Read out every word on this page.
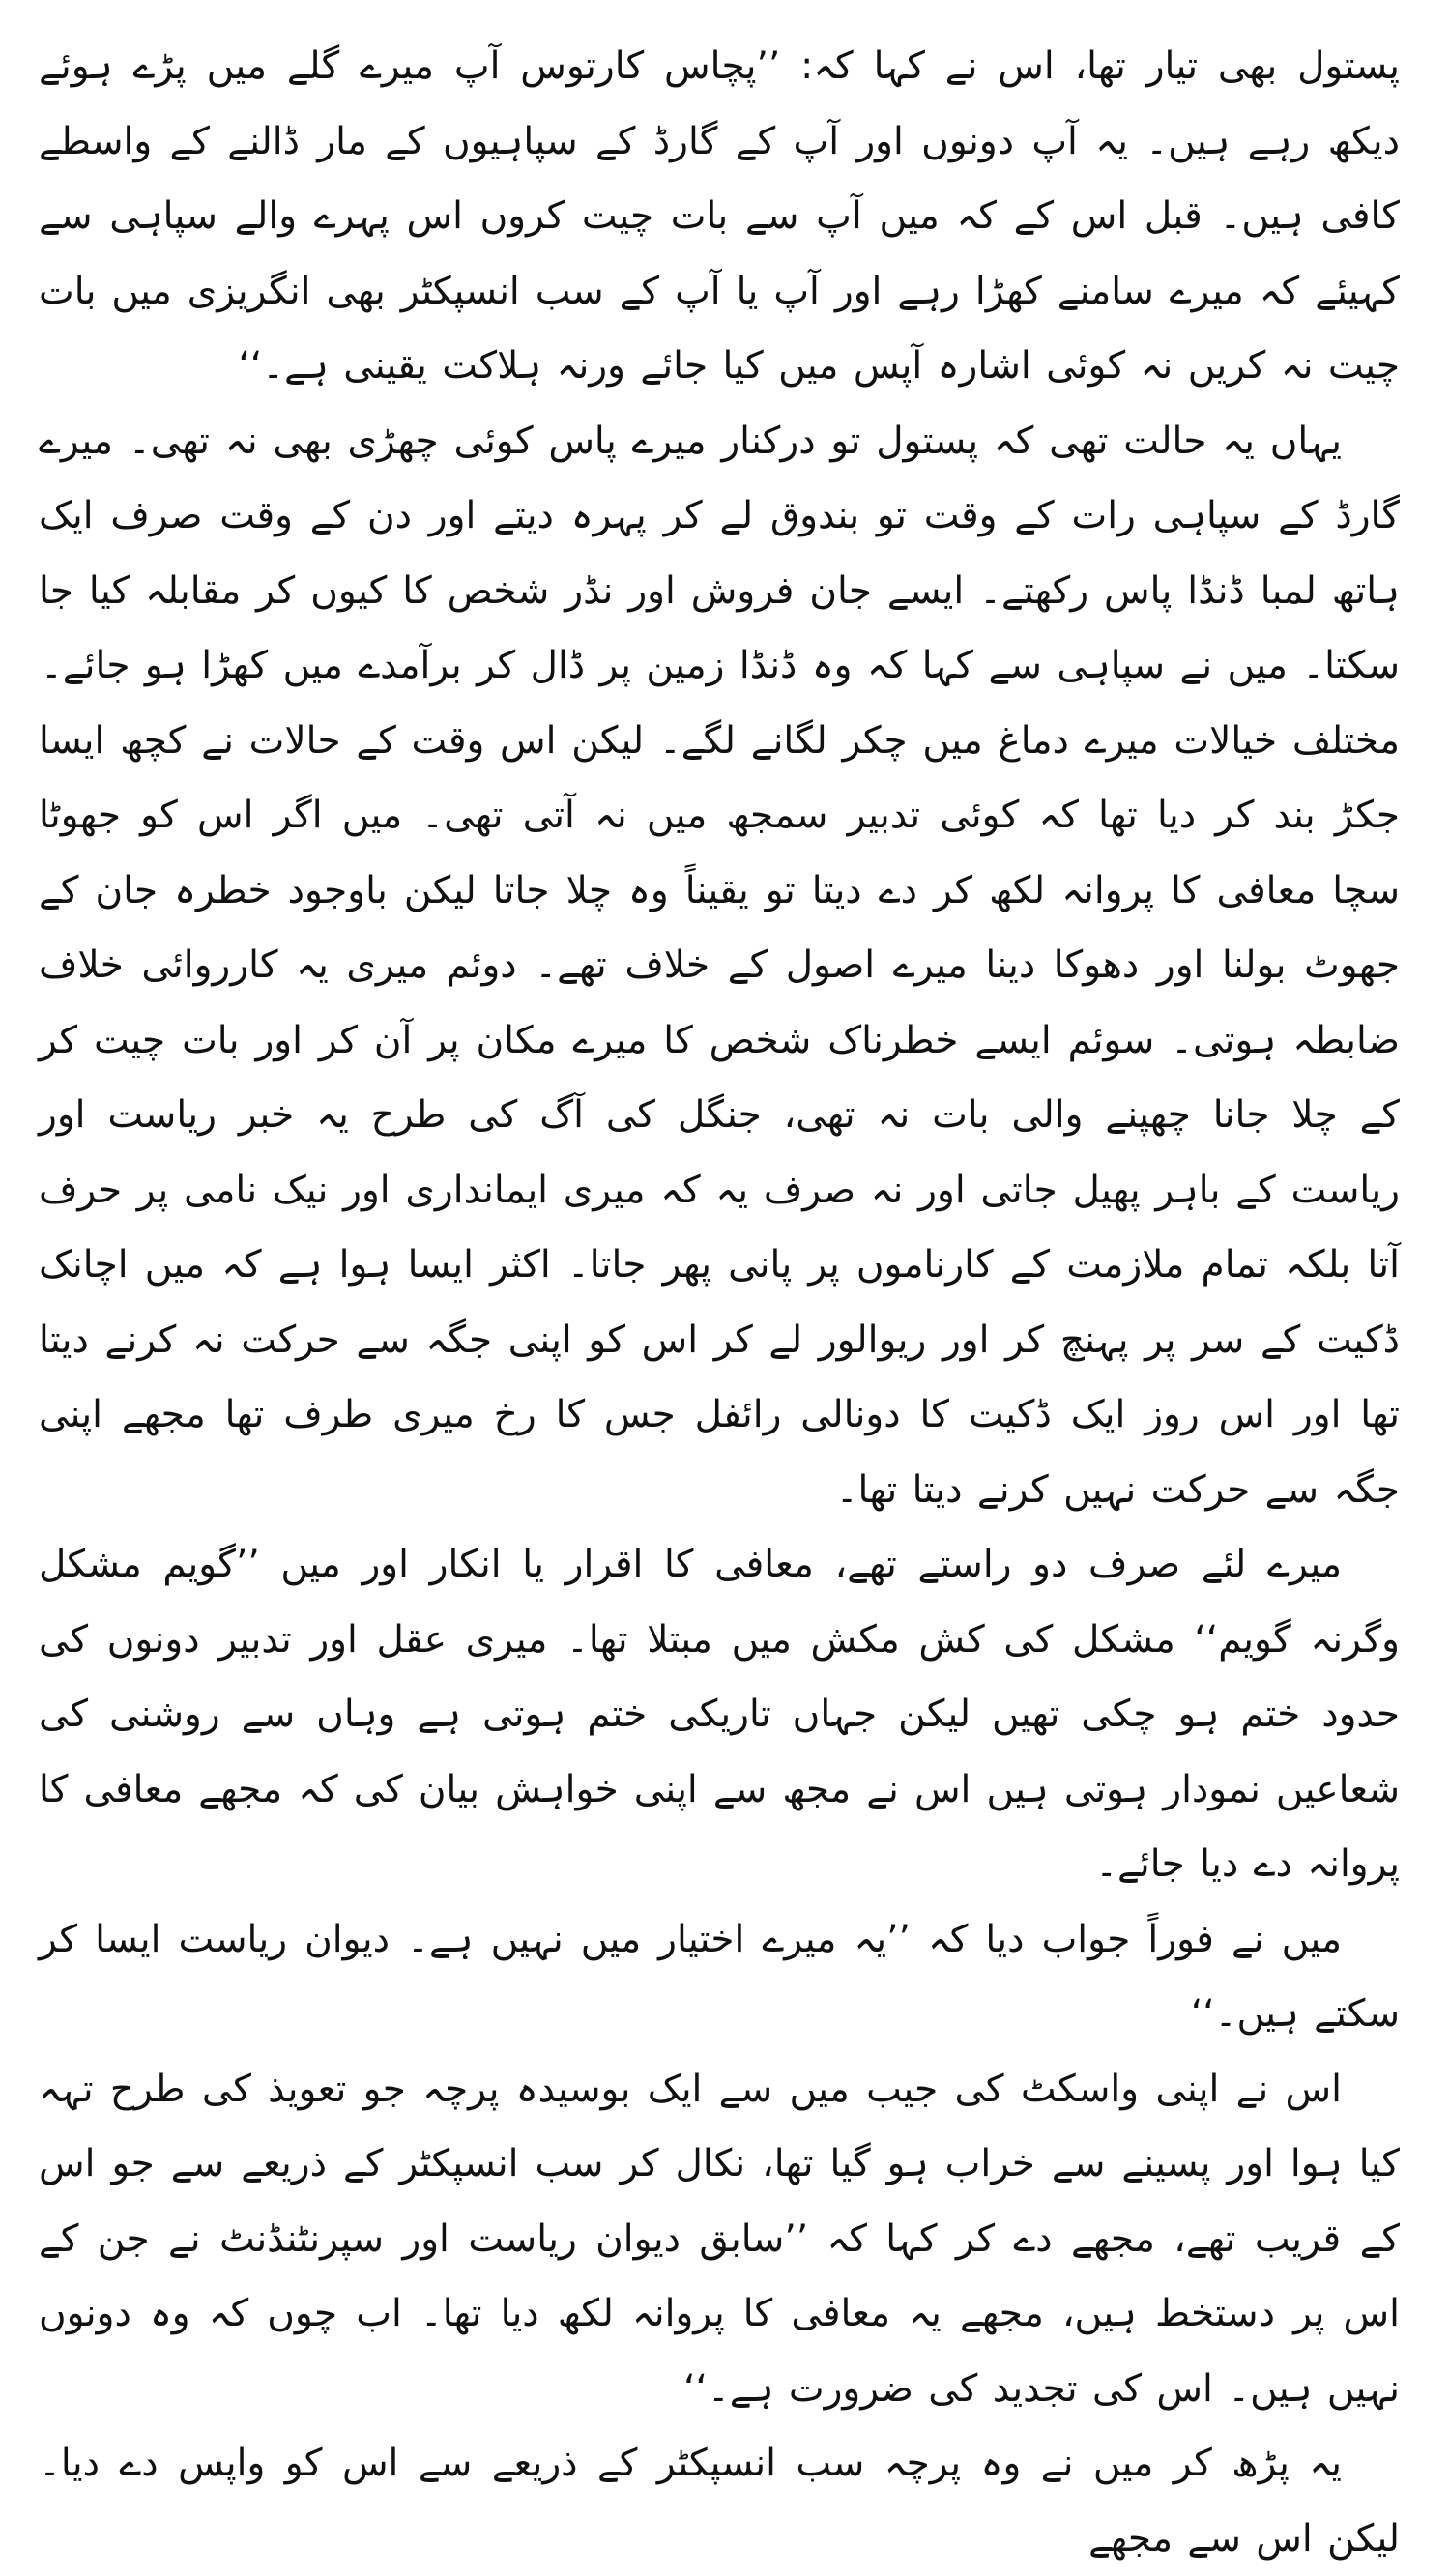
پستول بھی تیار تھا، اس نے کہا کہ: ’’پچاس کارتوس آپ میرے گلے میں پڑے ہوئے دیکھ رہے ہیں۔ یہ آپ دونوں اور آپ کے گارڈ کے سپاہیوں کے مار ڈالنے کے واسطے کافی ہیں۔ قبل اس کے کہ میں آپ سے بات چیت کروں اس پہرے والے سپاہی سے کہیئے کہ میرے سامنے کھڑا رہے اور آپ یا آپ کے سب انسپکٹر بھی انگریزی میں بات چیت نہ کریں نہ کوئی اشارہ آپس میں کیا جائے ورنہ ہلاکت یقینی ہے۔‘‘

یہاں یہ حالت تھی کہ پستول تو درکنار میرے پاس کوئی چھڑی بھی نہ تھی۔ میرے گارڈ کے سپاہی رات کے وقت تو بندوق لے کر پہرہ دیتے اور دن کے وقت صرف ایک ہاتھ لمبا ڈنڈا پاس رکھتے۔ ایسے جان فروش اور نڈر شخص کا کیوں کر مقابلہ کیا جا سکتا۔ میں نے سپاہی سے کہا کہ وہ ڈنڈا زمین پر ڈال کر برآمدے میں کھڑا ہو جائے۔

مختلف خیالات میرے دماغ میں چکر لگانے لگے۔ لیکن اس وقت کے حالات نے کچھ ایسا جکڑ بند کر دیا تھا کہ کوئی تدبیر سمجھ میں نہ آتی تھی۔ میں اگر اس کو جھوٹا سچا معافی کا پروانہ لکھ کر دے دیتا تو یقیناً وہ چلا جاتا لیکن باوجود خطرہ جان کے جھوٹ بولنا اور دھوکا دینا میرے اصول کے خلاف تھے۔ دوئم میری یہ کارروائی خلاف ضابطہ ہوتی۔ سوئم ایسے خطرناک شخص کا میرے مکان پر آن کر اور بات چیت کر کے چلا جانا چھپنے والی بات نہ تھی، جنگل کی آگ کی طرح یہ خبر ریاست اور ریاست کے باہر پھیل جاتی اور نہ صرف یہ کہ میری ایمانداری اور نیک نامی پر حرف آتا بلکہ تمام ملازمت کے کارناموں پر پانی پھر جاتا۔ اکثر ایسا ہوا ہے کہ میں اچانک ڈکیت کے سر پر پہنچ کر اور ریوالور لے کر اس کو اپنی جگہ سے حرکت نہ کرنے دیتا تھا اور اس روز ایک ڈکیت کا دونالی رائفل جس کا رخ میری طرف تھا مجھے اپنی جگہ سے حرکت نہیں کرنے دیتا تھا۔

میرے لئے صرف دو راستے تھے، معافی کا اقرار یا انکار اور میں ’’گویم مشکل وگرنہ گویم‘‘ مشکل کی کش مکش میں مبتلا تھا۔ میری عقل اور تدبیر دونوں کی حدود ختم ہو چکی تھیں لیکن جہاں تاریکی ختم ہوتی ہے وہاں سے روشنی کی شعاعیں نمودار ہوتی ہیں اس نے مجھ سے اپنی خواہش بیان کی کہ مجھے معافی کا پروانہ دے دیا جائے۔

میں نے فوراً جواب دیا کہ ’’یہ میرے اختیار میں نہیں ہے۔ دیوان ریاست ایسا کر سکتے ہیں۔‘‘

اس نے اپنی واسکٹ کی جیب میں سے ایک بوسیدہ پرچہ جو تعویذ کی طرح تہہ کیا ہوا اور پسینے سے خراب ہو گیا تھا، نکال کر سب انسپکٹر کے ذریعے سے جو اس کے قریب تھے، مجھے دے کر کہا کہ ’’سابق دیوان ریاست اور سپرنٹنڈنٹ نے جن کے اس پر دستخط ہیں، مجھے یہ معافی کا پروانہ لکھ دیا تھا۔ اب چوں کہ وہ دونوں نہیں ہیں۔ اس کی تجدید کی ضرورت ہے۔‘‘

یہ پڑھ کر میں نے وہ پرچہ سب انسپکٹر کے ذریعے سے اس کو واپس دے دیا۔ لیکن اس سے مجھے
